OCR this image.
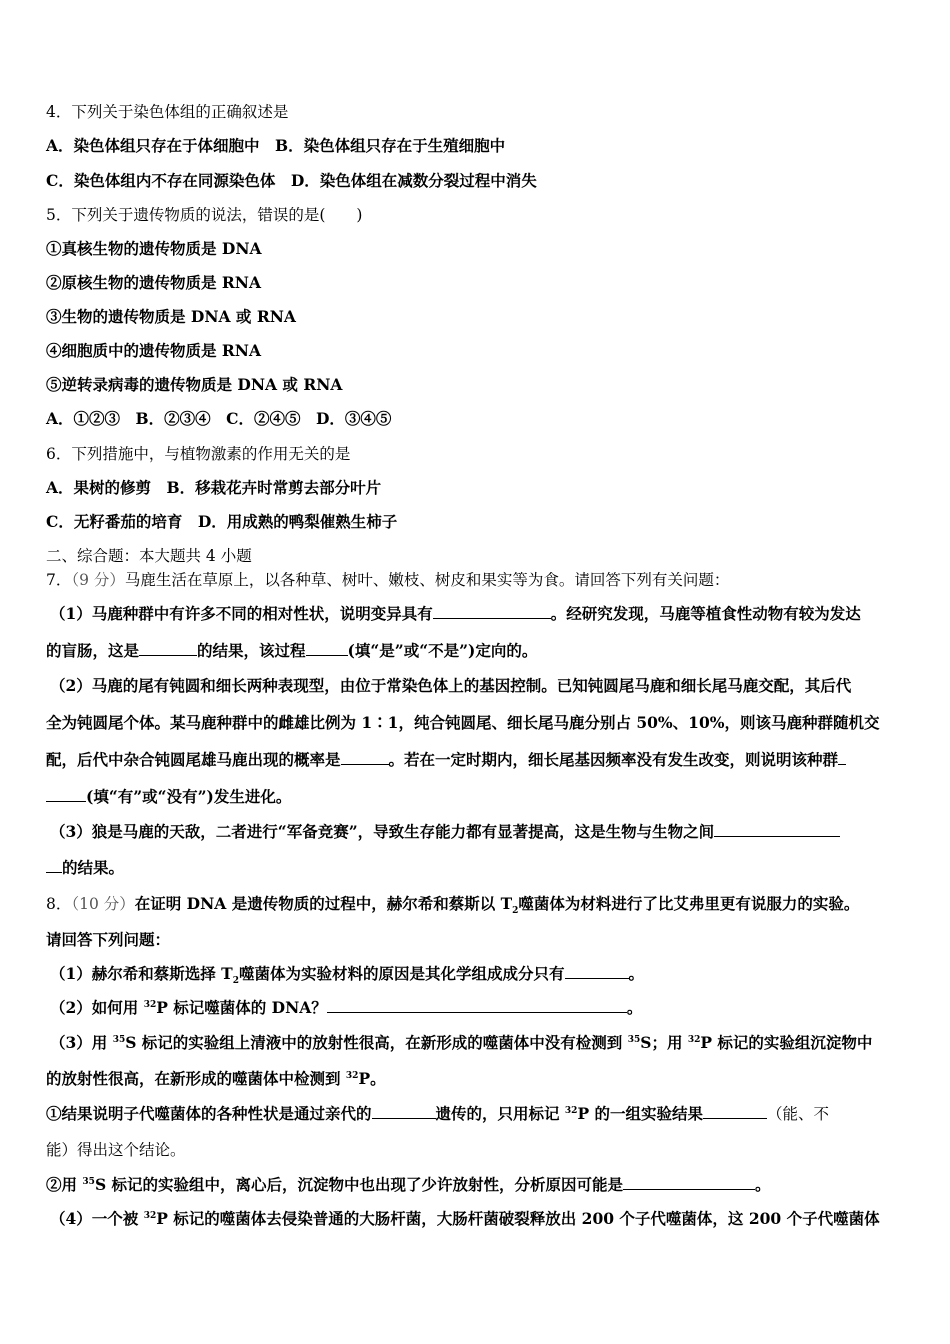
4．下列关于染色体组的正确叙述是
A．染色体组只存在于体细胞中　B．染色体组只存在于生殖细胞中
C．染色体组内不存在同源染色体　D．染色体组在减数分裂过程中消失
5．下列关于遗传物质的说法，错误的是(　　)
①真核生物的遗传物质是 DNA
②原核生物的遗传物质是 RNA
③生物的遗传物质是 DNA 或 RNA
④细胞质中的遗传物质是 RNA
⑤逆转录病毒的遗传物质是 DNA 或 RNA
A．①②③　B．②③④　C．②④⑤　D．③④⑤
6．下列措施中，与植物激素的作用无关的是
A．果树的修剪　B．移栽花卉时常剪去部分叶片
C．无籽番茄的培育　D．用成熟的鸭梨催熟生柿子
二、综合题：本大题共 4 小题
7．（9 分）马鹿生活在草原上，以各种草、树叶、嫩枝、树皮和果实等为食。请回答下列有关问题：
（1）马鹿种群中有许多不同的相对性状，说明变异具有	。经研究发现，马鹿等植食性动物有较为发达
的盲肠，这是	的结果，该过程	(填“是”或“不是”)定向的。
（2）马鹿的尾有钝圆和细长两种表现型，由位于常染色体上的基因控制。已知钝圆尾马鹿和细长尾马鹿交配，其后代
全为钝圆尾个体。某马鹿种群中的雌雄比例为 1∶1，纯合钝圆尾、细长尾马鹿分别占 50%、10%，则该马鹿种群随机交
配，后代中杂合钝圆尾雄马鹿出现的概率是	。若在一定时期内，细长尾基因频率没有发生改变，则说明该种群
(填“有”或“没有”)发生进化。
（3）狼是马鹿的天敌，二者进行“军备竞赛”，导致生存能力都有显著提高，这是生物与生物之间
的结果。
8．（10 分）在证明 DNA 是遗传物质的过程中，赫尔希和蔡斯以 $T_2$噬菌体为材料进行了比艾弗里更有说服力的实验。
请回答下列问题：
（1）赫尔希和蔡斯选择 $T_2$噬菌体为实验材料的原因是其化学组成成分只有	。
（2）如何用 $^{32}$P 标记噬菌体的 DNA？	。
（3）用 $^{35}$S 标记的实验组上清液中的放射性很高，在新形成的噬菌体中没有检测到 $^{35}$S；用 $^{32}$P 标记的实验组沉淀物中
的放射性很高，在新形成的噬菌体中检测到 $^{32}$P。
①结果说明子代噬菌体的各种性状是通过亲代的	遗传的，只用标记 $^{32}$P 的一组实验结果	（能、不
能）得出这个结论。
②用 $^{35}$S 标记的实验组中，离心后，沉淀物中也出现了少许放射性，分析原因可能是	。
（4）一个被 $^{32}$P 标记的噬菌体去侵染普通的大肠杆菌，大肠杆菌破裂释放出 200 个子代噬菌体，这 200 个子代噬菌体
